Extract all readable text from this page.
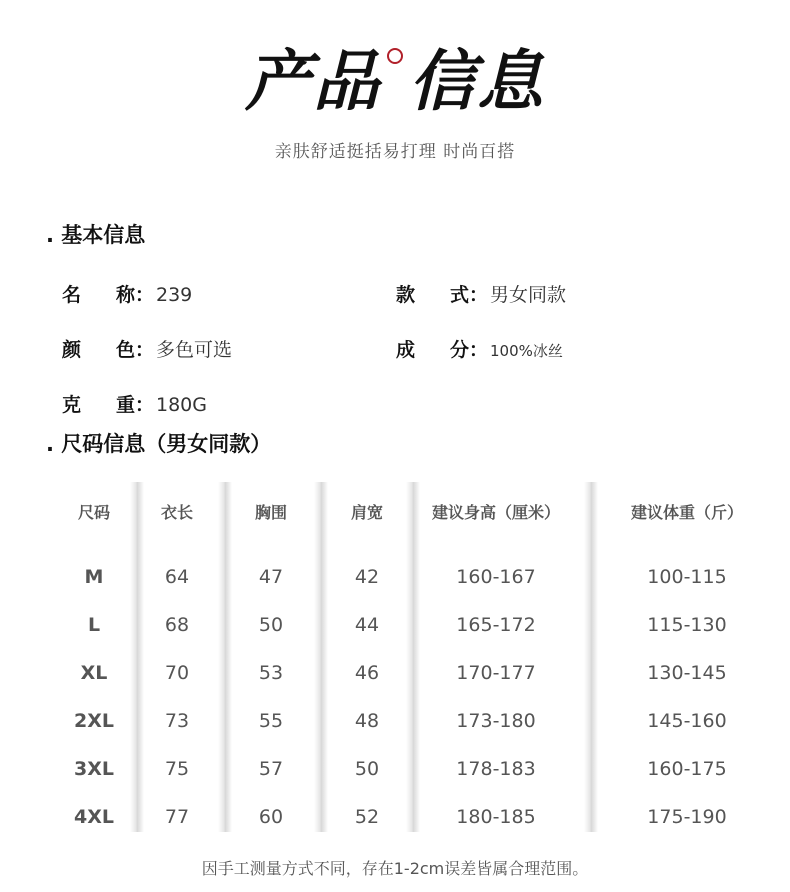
产品 信息
亲肤舒适挺括易打理 时尚百搭
. 基本信息
名 称： 239	款 式： 男女同款
颜 色： 多色可选	成 分： 100%冰丝
克 重： 180G
. 尺码信息（男女同款）
尺码	衣长	胸围	肩宽	建议身高（厘米）	建议体重（斤）
M	64	47	42	160-167	100-115
L	68	50	44	165-172	115-130
XL	70	53	46	170-177	130-145
2XL	73	55	48	173-180	145-160
3XL	75	57	50	178-183	160-175
4XL	77	60	52	180-185	175-190
因手工测量方式不同，存在1-2cm误差皆属合理范围。
